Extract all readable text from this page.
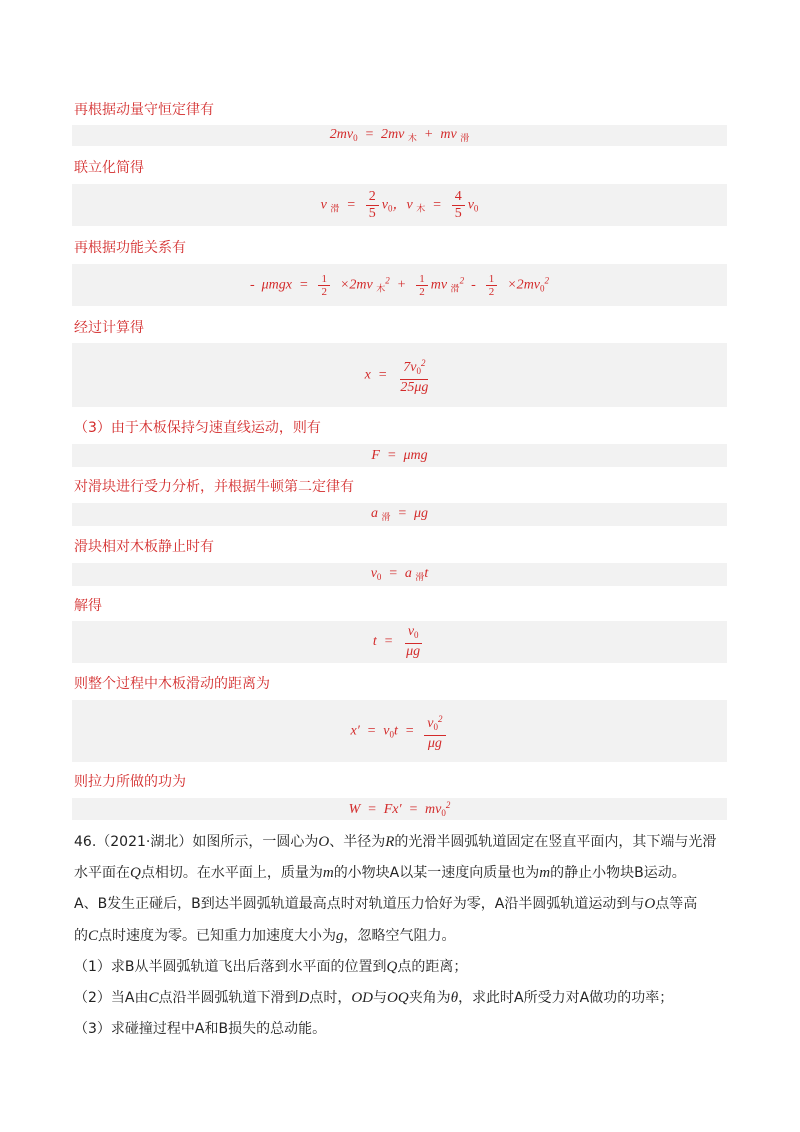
再根据动量守恒定律有
$2mv_0 = 2mv$ $_木$  +  mv $_滑$
联立化简得
v $_滑 = \frac{2}{5} v_0$，v $_木 = \frac{4}{5} v_0$
再根据功能关系有
-  $\mu mgx = \frac{1}{2} \times 2mv$ $_木^2 + \frac{1}{2}$ mv $_滑^2 - \frac{1}{2} \times 2mv_0^2$
经过计算得
$x = \frac{7v_0^2}{25\mu g}$
（3）由于木板保持匀速直线运动，则有
F  =  μmg
对滑块进行受力分析，并根据牛顿第二定律有
a $_滑$  =  μg
滑块相对木板静止时有
$v_0 = a$ $_滑$t
解得
$t = \frac{v_0}{\mu g}$
则整个过程中木板滑动的距离为
$x' = v_0t = \frac{v_0^2}{\mu g}$
则拉力所做的功为
$W = Fx' = mv_0^2$
46.（2021·湖北）如图所示，一圆心为O、半径为R的光滑半圆弧轨道固定在竖直平面内，其下端与光滑
水平面在Q点相切。在水平面上，质量为m的小物块A以某一速度向质量也为m的静止小物块B运动。
A、B发生正碰后，B到达半圆弧轨道最高点时对轨道压力恰好为零，A沿半圆弧轨道运动到与O点等高
的C点时速度为零。已知重力加速度大小为g，忽略空气阻力。
（1）求B从半圆弧轨道飞出后落到水平面的位置到Q点的距离；
（2）当A由C点沿半圆弧轨道下滑到D点时，OD与OQ夹角为θ，求此时A所受力对A做功的功率；
（3）求碰撞过程中A和B损失的总动能。
